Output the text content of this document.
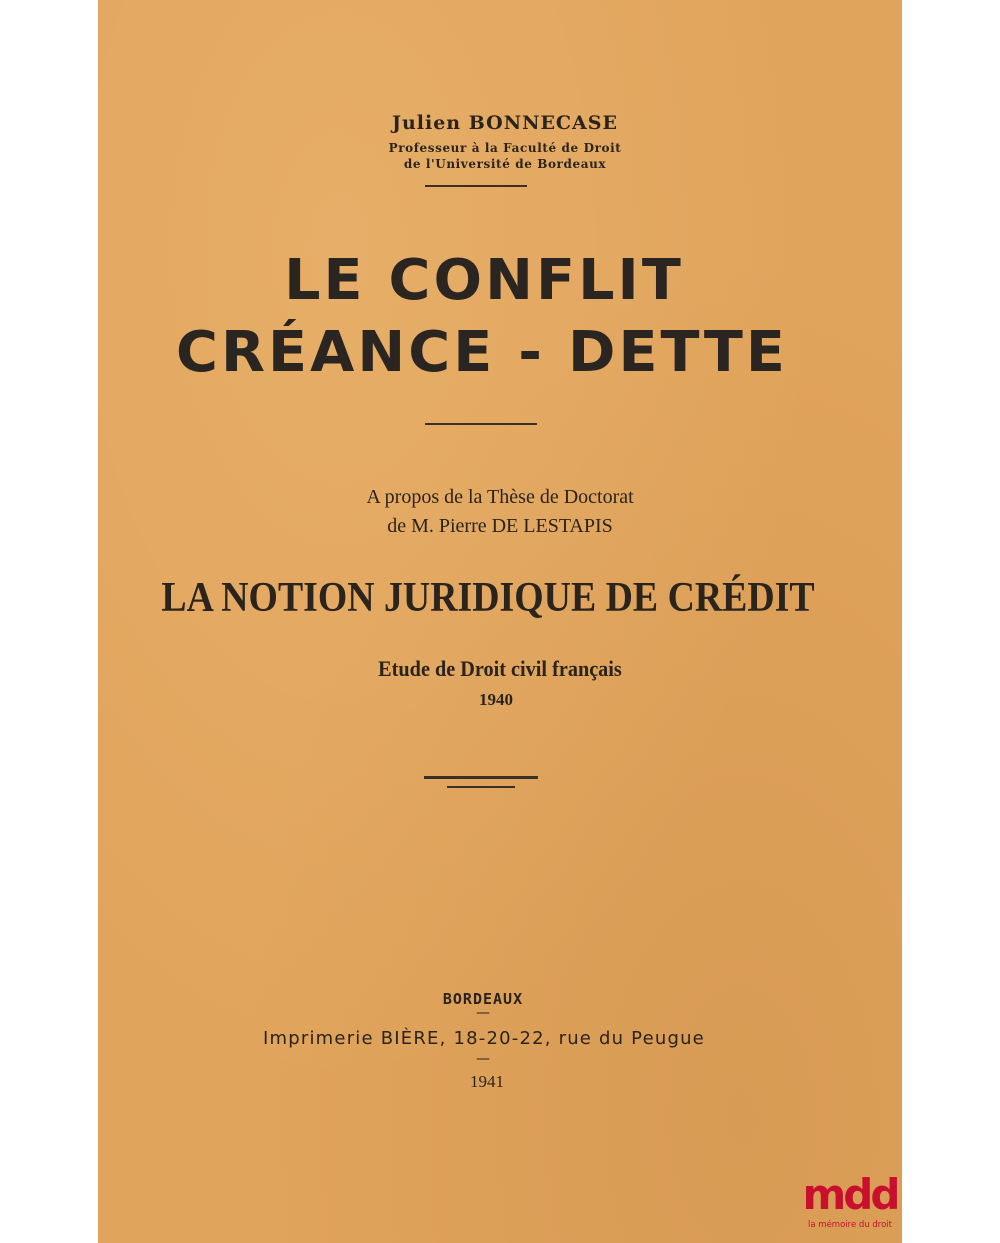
Julien BONNECASE
Professeur à la Faculté de Droit
de l'Université de Bordeaux
LE CONFLIT
CRÉANCE - DETTE
A propos de la Thèse de Doctorat
de M. Pierre DE LESTAPIS
LA NOTION JURIDIQUE DE CRÉDIT
Etude de Droit civil français
1940
BORDEAUX
—
Imprimerie BIÈRE, 18-20-22, rue du Peugue
—
1941
mdd
la mémoire du droit
